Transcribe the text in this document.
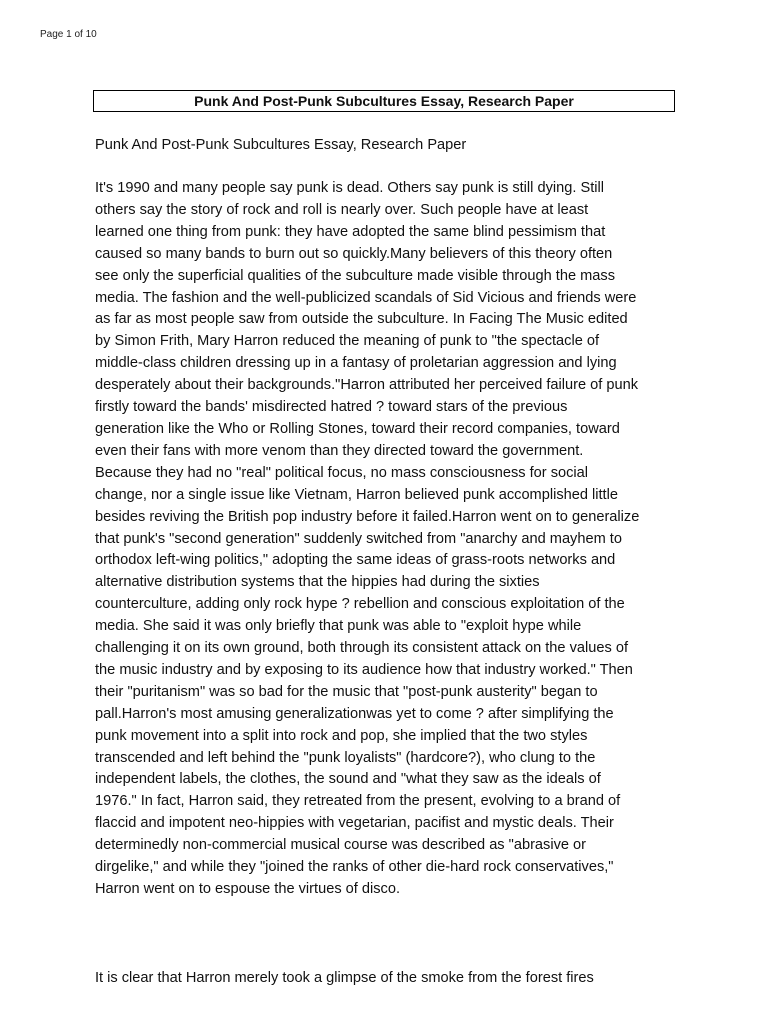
Page 1 of 10
Punk And Post-Punk Subcultures Essay, Research Paper

Punk And Post-Punk Subcultures Essay, Research Paper

It's 1990 and many people say punk is dead. Others say punk is still dying. Still
others say the story of rock and roll is nearly over. Such people have at least
learned one thing from punk: they have adopted the same blind pessimism that
caused so many bands to burn out so quickly.Many believers of this theory often
see only the superficial qualities of the subculture made visible through the mass
media. The fashion and the well-publicized scandals of Sid Vicious and friends were
as far as most people saw from outside the subculture. In Facing The Music edited
by Simon Frith, Mary Harron reduced the meaning of punk to "the spectacle of
middle-class children dressing up in a fantasy of proletarian aggression and lying
desperately about their backgrounds."Harron attributed her perceived failure of punk
firstly toward the bands' misdirected hatred ? toward stars of the previous
generation like the Who or Rolling Stones, toward their record companies, toward
even their fans with more venom than they directed toward the government.
Because they had no "real" political focus, no mass consciousness for social
change, nor a single issue like Vietnam, Harron believed punk accomplished little
besides reviving the British pop industry before it failed.Harron went on to generalize
that punk's "second generation" suddenly switched from "anarchy and mayhem to
orthodox left-wing politics," adopting the same ideas of grass-roots networks and
alternative distribution systems that the hippies had during the sixties
counterculture, adding only rock hype ? rebellion and conscious exploitation of the
media. She said it was only briefly that punk was able to "exploit hype while
challenging it on its own ground, both through its consistent attack on the values of
the music industry and by exposing to its audience how that industry worked." Then
their "puritanism" was so bad for the music that "post-punk austerity" began to
pall.Harron's most amusing generalizationwas yet to come ? after simplifying the
punk movement into a split into rock and pop, she implied that the two styles
transcended and left behind the "punk loyalists" (hardcore?), who clung to the
independent labels, the clothes, the sound and "what they saw as the ideals of
1976." In fact, Harron said, they retreated from the present, evolving to a brand of
flaccid and impotent neo-hippies with vegetarian, pacifist and mystic deals. Their
determinedly non-commercial musical course was described as "abrasive or
dirgelike," and while they "joined the ranks of other die-hard rock conservatives,"
Harron went on to espouse the virtues of disco.

It is clear that Harron merely took a glimpse of the smoke from the forest fires
